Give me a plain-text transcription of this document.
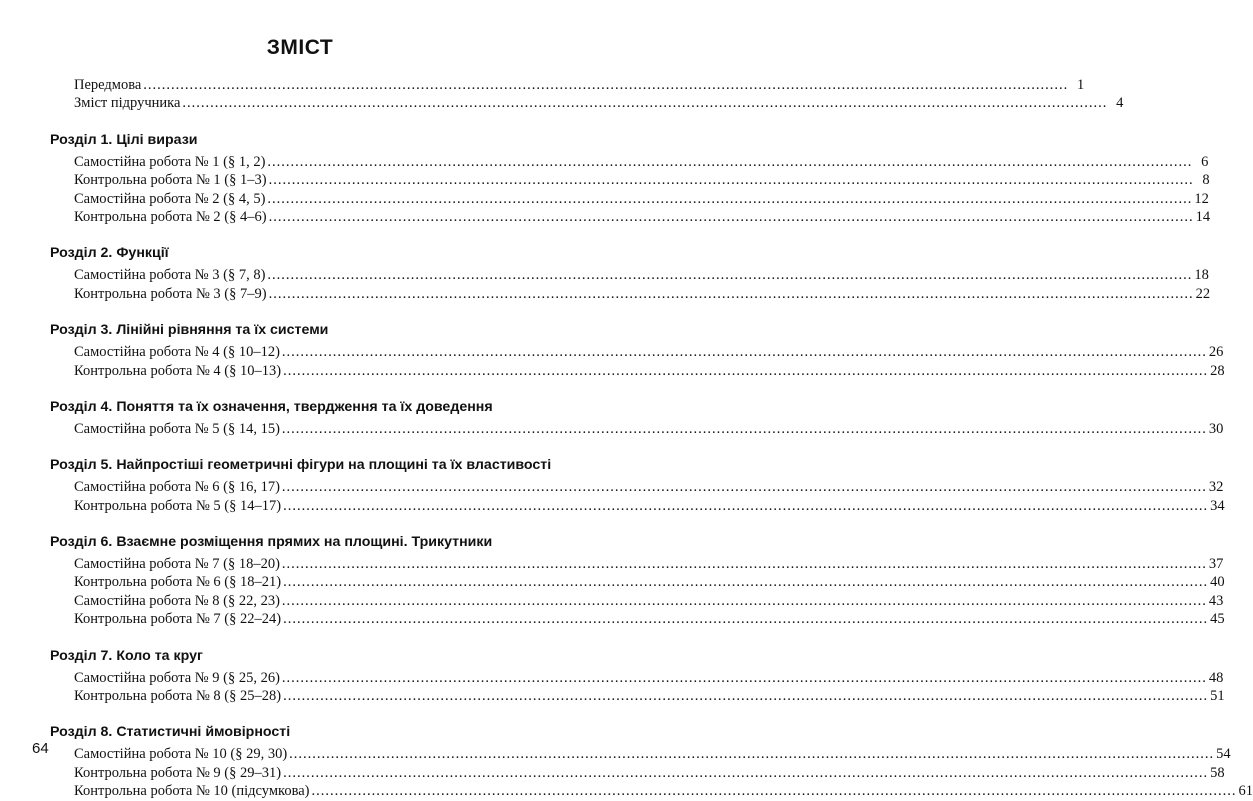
ЗМІСТ
Передмова ........................................................................................................................................................................................................ 1
Зміст підручника ........................................................................................................................................................................................................ 4
Розділ 1. Цілі вирази
Самостійна робота № 1 (§ 1, 2) ........................................................................................................................................................................................................ 6
Контрольна робота № 1 (§ 1–3) ........................................................................................................................................................................................................ 8
Самостійна робота № 2 (§ 4, 5) ........................................................................................................................................................................................................ 12
Контрольна робота № 2 (§ 4–6) ........................................................................................................................................................................................................ 14
Розділ 2. Функції
Самостійна робота № 3 (§ 7, 8) ........................................................................................................................................................................................................ 18
Контрольна робота № 3 (§ 7–9) ........................................................................................................................................................................................................ 22
Розділ 3. Лінійні рівняння та їх системи
Самостійна робота № 4 (§ 10–12) ........................................................................................................................................................................................................ 26
Контрольна робота № 4 (§ 10–13) ........................................................................................................................................................................................................ 28
Розділ 4. Поняття та їх означення, твердження та їх доведення
Самостійна робота № 5 (§ 14, 15) ........................................................................................................................................................................................................ 30
Розділ 5. Найпростіші геометричні фігури на площині та їх властивості
Самостійна робота № 6 (§ 16, 17) ........................................................................................................................................................................................................ 32
Контрольна робота № 5 (§ 14–17) ........................................................................................................................................................................................................ 34
Розділ 6. Взаємне розміщення прямих на площині. Трикутники
Самостійна робота № 7 (§ 18–20) ........................................................................................................................................................................................................ 37
Контрольна робота № 6 (§ 18–21) ........................................................................................................................................................................................................ 40
Самостійна робота № 8 (§ 22, 23) ........................................................................................................................................................................................................ 43
Контрольна робота № 7 (§ 22–24) ........................................................................................................................................................................................................ 45
Розділ 7. Коло та круг
Самостійна робота № 9 (§ 25, 26) ........................................................................................................................................................................................................ 48
Контрольна робота № 8 (§ 25–28) ........................................................................................................................................................................................................ 51
Розділ 8. Статистичні ймовірності
Самостійна робота № 10 (§ 29, 30) ........................................................................................................................................................................................................ 54
Контрольна робота № 9 (§ 29–31) ........................................................................................................................................................................................................ 58
Контрольна робота № 10 (підсумкова) ........................................................................................................................................................................................................ 61
64
